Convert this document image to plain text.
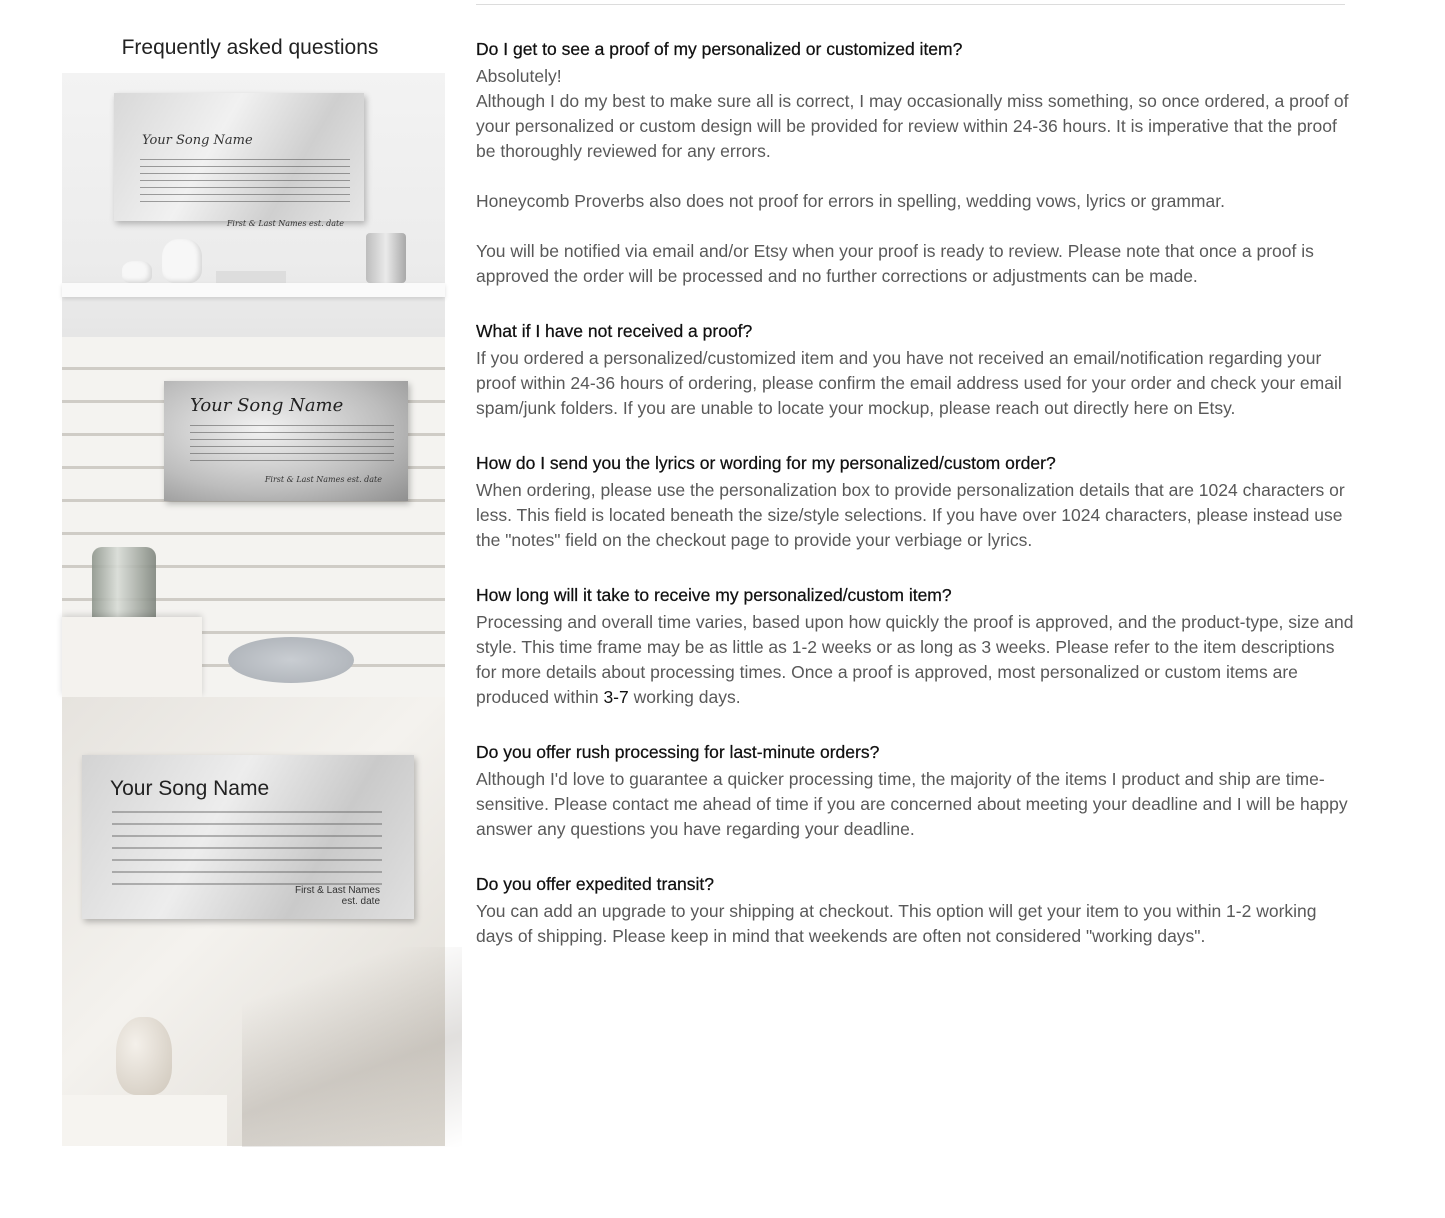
Frequently asked questions
Your Song Name
First & Last Names est. date
Your Song Name
First & Last Names est. date
Your Song Name
First & Last Names
est. date
Do I get to see a proof of my personalized or customized item?

Absolutely!

Although I do my best to make sure all is correct, I may occasionally miss something, so once ordered, a proof of your personalized or custom design will be provided for review within 24-36 hours. It is imperative that the proof be thoroughly reviewed for any errors.

Honeycomb Proverbs also does not proof for errors in spelling, wedding vows, lyrics or grammar.

You will be notified via email and/or Etsy when your proof is ready to review. Please note that once a proof is approved the order will be processed and no further corrections or adjustments can be made.

What if I have not received a proof?

If you ordered a personalized/customized item and you have not received an email/notification regarding your proof within 24-36 hours of ordering, please confirm the email address used for your order and check your email spam/junk folders. If you are unable to locate your mockup, please reach out directly here on Etsy.

How do I send you the lyrics or wording for my personalized/custom order?

When ordering, please use the personalization box to provide personalization details that are 1024 characters or less. This field is located beneath the size/style selections. If you have over 1024 characters, please instead use the "notes" field on the checkout page to provide your verbiage or lyrics.

How long will it take to receive my personalized/custom item?

Processing and overall time varies, based upon how quickly the proof is approved, and the product-type, size and style. This time frame may be as little as 1-2 weeks or as long as 3 weeks. Please refer to the item descriptions for more details about processing times. Once a proof is approved, most personalized or custom items are produced within 3-7 working days.

Do you offer rush processing for last-minute orders?

Although I'd love to guarantee a quicker processing time, the majority of the items I product and ship are time-sensitive. Please contact me ahead of time if you are concerned about meeting your deadline and I will be happy answer any questions you have regarding your deadline.

Do you offer expedited transit?

You can add an upgrade to your shipping at checkout. This option will get your item to you within 1-2 working days of shipping. Please keep in mind that weekends are often not considered "working days".
